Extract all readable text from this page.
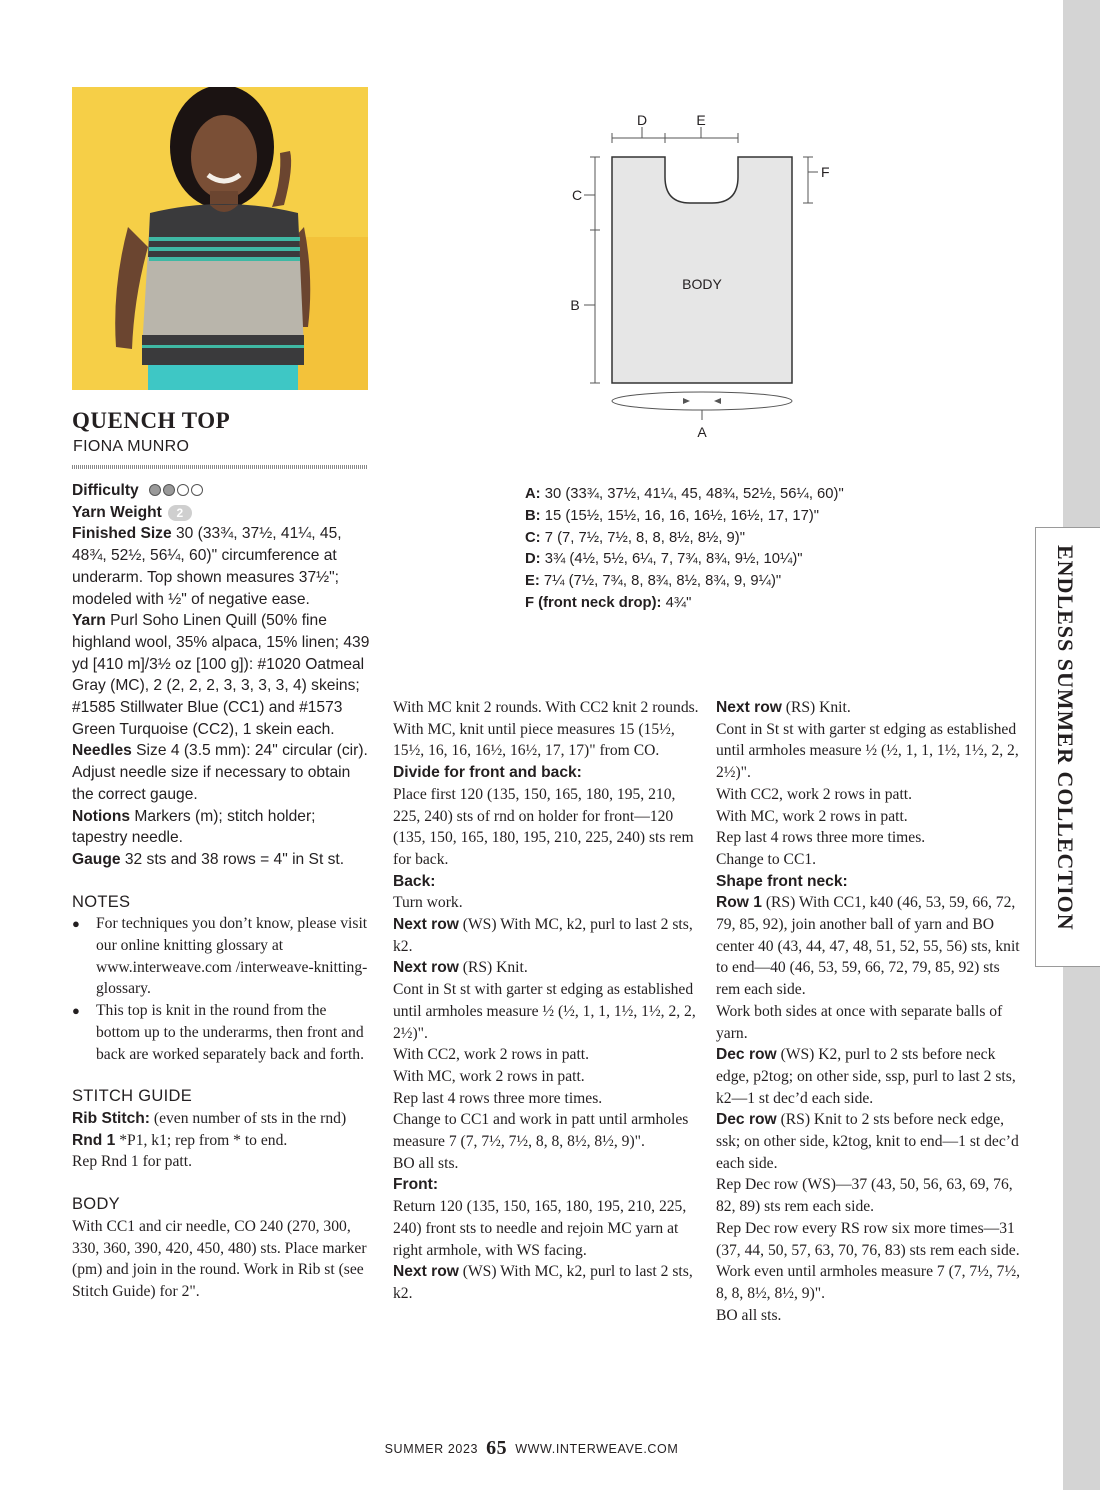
ENDLESS SUMMER COLLECTION
QUENCH TOP
FIONA MUNRO

Difficulty

Yarn Weight 2

Finished Size 30 (33¾, 37½, 41¼, 45, 48¾, 52½, 56¼, 60)" circumference at underarm. Top shown measures 37½"; modeled with ½" of negative ease.

Yarn Purl Soho Linen Quill (50% fine highland wool, 35% alpaca, 15% linen; 439 yd [410 m]/3½ oz [100 g]): #1020 Oatmeal Gray (MC), 2 (2, 2, 2, 3, 3, 3, 3, 4) skeins; #1585 Stillwater Blue (CC1) and #1573 Green Turquoise (CC2), 1 skein each.

Needles Size 4 (3.5 mm): 24" circular (cir). Adjust needle size if necessary to obtain the correct gauge.

Notions Markers (m); stitch holder; tapestry needle.

Gauge 32 sts and 38 rows = 4" in St st.

NOTES

● For techniques you don’t know, please visit our online knitting glossary at www.interweave.com /interweave-knitting-glossary.
● This top is knit in the round from the bottom up to the underarms, then front and back are worked separately back and forth.

STITCH GUIDE

Rib Stitch: (even number of sts in the rnd)

Rnd 1 *P1, k1; rep from * to end.

Rep Rnd 1 for patt.

BODY

With CC1 and cir needle, CO 240 (270, 300, 330, 360, 390, 420, 450, 480) sts. Place marker (pm) and join in the round. Work in Rib st (see Stitch Guide) for 2".

With MC knit 2 rounds. With CC2 knit 2 rounds. With MC, knit until piece measures 15 (15½, 15½, 16, 16, 16½, 16½, 17, 17)" from CO.

Divide for front and back:

Place first 120 (135, 150, 165, 180, 195, 210, 225, 240) sts of rnd on holder for front—120 (135, 150, 165, 180, 195, 210, 225, 240) sts rem for back.

Back:

Turn work.

Next row (WS) With MC, k2, purl to last 2 sts, k2.

Next row (RS) Knit.

Cont in St st with garter st edging as established until armholes measure ½ (½, 1, 1, 1½, 1½, 2, 2, 2½)".

With CC2, work 2 rows in patt.

With MC, work 2 rows in patt.

Rep last 4 rows three more times.

Change to CC1 and work in patt until armholes measure 7 (7, 7½, 7½, 8, 8, 8½, 8½, 9)".

BO all sts.

Front:

Return 120 (135, 150, 165, 180, 195, 210, 225, 240) front sts to needle and rejoin MC yarn at right armhole, with WS facing.

Next row (WS) With MC, k2, purl to last 2 sts, k2.

Next row (RS) Knit.

Cont in St st with garter st edging as established until armholes measure ½ (½, 1, 1, 1½, 1½, 2, 2, 2½)".

With CC2, work 2 rows in patt.

With MC, work 2 rows in patt.

Rep last 4 rows three more times.

Change to CC1.

Shape front neck:

Row 1 (RS) With CC1, k40 (46, 53, 59, 66, 72, 79, 85, 92), join another ball of yarn and BO center 40 (43, 44, 47, 48, 51, 52, 55, 56) sts, knit to end—40 (46, 53, 59, 66, 72, 79, 85, 92) sts rem each side.

Work both sides at once with separate balls of yarn.

Dec row (WS) K2, purl to 2 sts before neck edge, p2tog; on other side, ssp, purl to last 2 sts, k2—1 st dec’d each side.

Dec row (RS) Knit to 2 sts before neck edge, ssk; on other side, k2tog, knit to end—1 st dec’d each side.

Rep Dec row (WS)—37 (43, 50, 56, 63, 69, 76, 82, 89) sts rem each side.

Rep Dec row every RS row six more times—31 (37, 44, 50, 57, 63, 70, 76, 83) sts rem each side.

Work even until armholes measure 7 (7, 7½, 7½, 8, 8, 8½, 8½, 9)".

BO all sts.

D	E
F
C
B
BODY
A

A: 30 (33¾, 37½, 41¼, 45, 48¾, 52½, 56¼, 60)"

B: 15 (15½, 15½, 16, 16, 16½, 16½, 17, 17)"

C: 7 (7, 7½, 7½, 8, 8, 8½, 8½, 9)"

D: 3¾ (4½, 5½, 6¼, 7, 7¾, 8¾, 9½, 10¼)"

E: 7¼ (7½, 7¾, 8, 8¾, 8½, 8¾, 9, 9¼)"

F (front neck drop): 4¾"

SUMMER 2023 65 WWW.INTERWEAVE.COM
